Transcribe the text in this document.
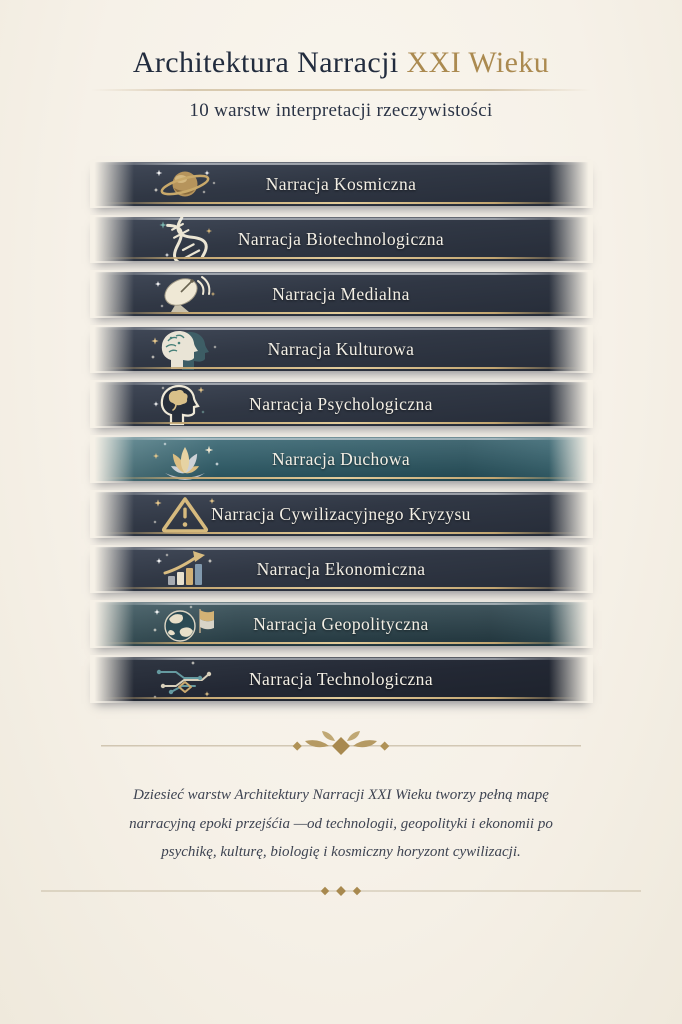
Architektura Narracji XXI Wieku
10 warstw interpretacji rzeczywistości
Narracja Kosmiczna
Narracja Biotechnologiczna
Narracja Medialna
Narracja Kulturowa
Narracja Psychologiczna
Narracja Duchowa
Narracja Cywilizacyjnego Kryzysu
Narracja Ekonomiczna
Narracja Geopolityczna
Narracja Technologiczna

Dziesieć warstw Architektury Narracji XXI Wieku tworzy pełną mapę narracyjną epoki przejśćia —od technologii, geopolityki i ekonomii po psychikę, kulturę, biologię i kosmiczny horyzont cywilizacji.
